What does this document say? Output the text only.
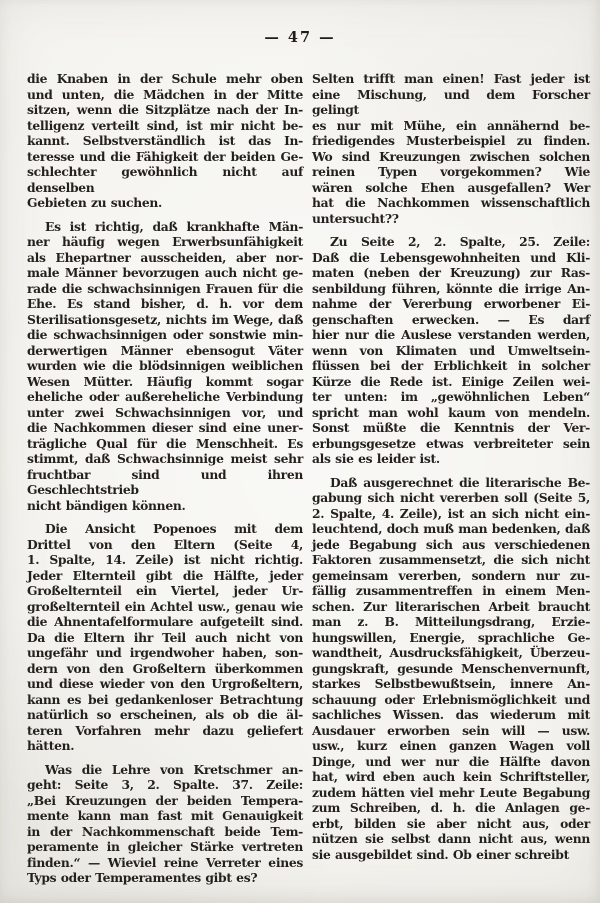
— 47 —
die Knaben in der Schule mehr oben
und unten, die Mädchen in der Mitte
sitzen, wenn die Sitzplätze nach der In-
telligenz verteilt sind, ist mir nicht be-
kannt. Selbstverständlich ist das In-
teresse und die Fähigkeit der beiden Ge-
schlechter gewöhnlich nicht auf denselben
Gebieten zu suchen.
Es ist richtig, daß krankhafte Män-
ner häufig wegen Erwerbsunfähigkeit
als Ehepartner ausscheiden, aber nor-
male Männer bevorzugen auch nicht ge-
rade die schwachsinnigen Frauen für die
Ehe. Es stand bisher, d. h. vor dem
Sterilisationsgesetz, nichts im Wege, daß
die schwachsinnigen oder sonstwie min-
derwertigen Männer ebensogut Väter
wurden wie die blödsinnigen weiblichen
Wesen Mütter. Häufig kommt sogar
eheliche oder außereheliche Verbindung
unter zwei Schwachsinnigen vor, und
die Nachkommen dieser sind eine uner-
trägliche Qual für die Menschheit. Es
stimmt, daß Schwachsinnige meist sehr
fruchtbar sind und ihren Geschlechtstrieb
nicht bändigen können.
Die Ansicht Popenoes mit dem
Drittel von den Eltern (Seite 4,
1. Spalte, 14. Zeile) ist nicht richtig.
Jeder Elternteil gibt die Hälfte, jeder
Großelternteil ein Viertel, jeder Ur-
großelternteil ein Achtel usw., genau wie
die Ahnentafelformulare aufgeteilt sind.
Da die Eltern ihr Teil auch nicht von
ungefähr und irgendwoher haben, son-
dern von den Großeltern überkommen
und diese wieder von den Urgroßeltern,
kann es bei gedankenloser Betrachtung
natürlich so erscheinen, als ob die äl-
teren Vorfahren mehr dazu geliefert
hätten.
Was die Lehre von Kretschmer an-
geht: Seite 3, 2. Spalte. 37. Zeile:
„Bei Kreuzungen der beiden Tempera-
mente kann man fast mit Genauigkeit
in der Nachkommenschaft beide Tem-
peramente in gleicher Stärke vertreten
finden.“ — Wieviel reine Verreter eines
Typs oder Temperamentes gibt es?
Selten trifft man einen! Fast jeder ist
eine Mischung, und dem Forscher gelingt
es nur mit Mühe, ein annähernd be-
friedigendes Musterbeispiel zu finden.
Wo sind Kreuzungen zwischen solchen
reinen Typen vorgekommen? Wie
wären solche Ehen ausgefallen? Wer
hat die Nachkommen wissenschaftlich
untersucht??
Zu Seite 2, 2. Spalte, 25. Zeile:
Daß die Lebensgewohnheiten und Kli-
maten (neben der Kreuzung) zur Ras-
senbildung führen, könnte die irrige An-
nahme der Vererbung erworbener Ei-
genschaften erwecken. — Es darf
hier nur die Auslese verstanden werden,
wenn von Klimaten und Umweltsein-
flüssen bei der Erblichkeit in solcher
Kürze die Rede ist. Einige Zeilen wei-
ter unten: im „gewöhnlichen Leben“
spricht man wohl kaum von mendeln.
Sonst müßte die Kenntnis der Ver-
erbungsgesetze etwas verbreiteter sein
als sie es leider ist.
Daß ausgerechnet die literarische Be-
gabung sich nicht vererben soll (Seite 5,
2. Spalte, 4. Zeile), ist an sich nicht ein-
leuchtend, doch muß man bedenken, daß
jede Begabung sich aus verschiedenen
Faktoren zusammensetzt, die sich nicht
gemeinsam vererben, sondern nur zu-
fällig zusammentreffen in einem Men-
schen. Zur literarischen Arbeit braucht
man z. B. Mitteilungsdrang, Erzie-
hungswillen, Energie, sprachliche Ge-
wandtheit, Ausdrucksfähigkeit, Überzeu-
gungskraft, gesunde Menschenvernunft,
starkes Selbstbewußtsein, innere An-
schauung oder Erlebnismöglichkeit und
sachliches Wissen. das wiederum mit
Ausdauer erworben sein will — usw.
usw., kurz einen ganzen Wagen voll
Dinge, und wer nur die Hälfte davon
hat, wird eben auch kein Schriftsteller,
zudem hätten viel mehr Leute Begabung
zum Schreiben, d. h. die Anlagen ge-
erbt, bilden sie aber nicht aus, oder
nützen sie selbst dann nicht aus, wenn
sie ausgebildet sind. Ob einer schreibt
